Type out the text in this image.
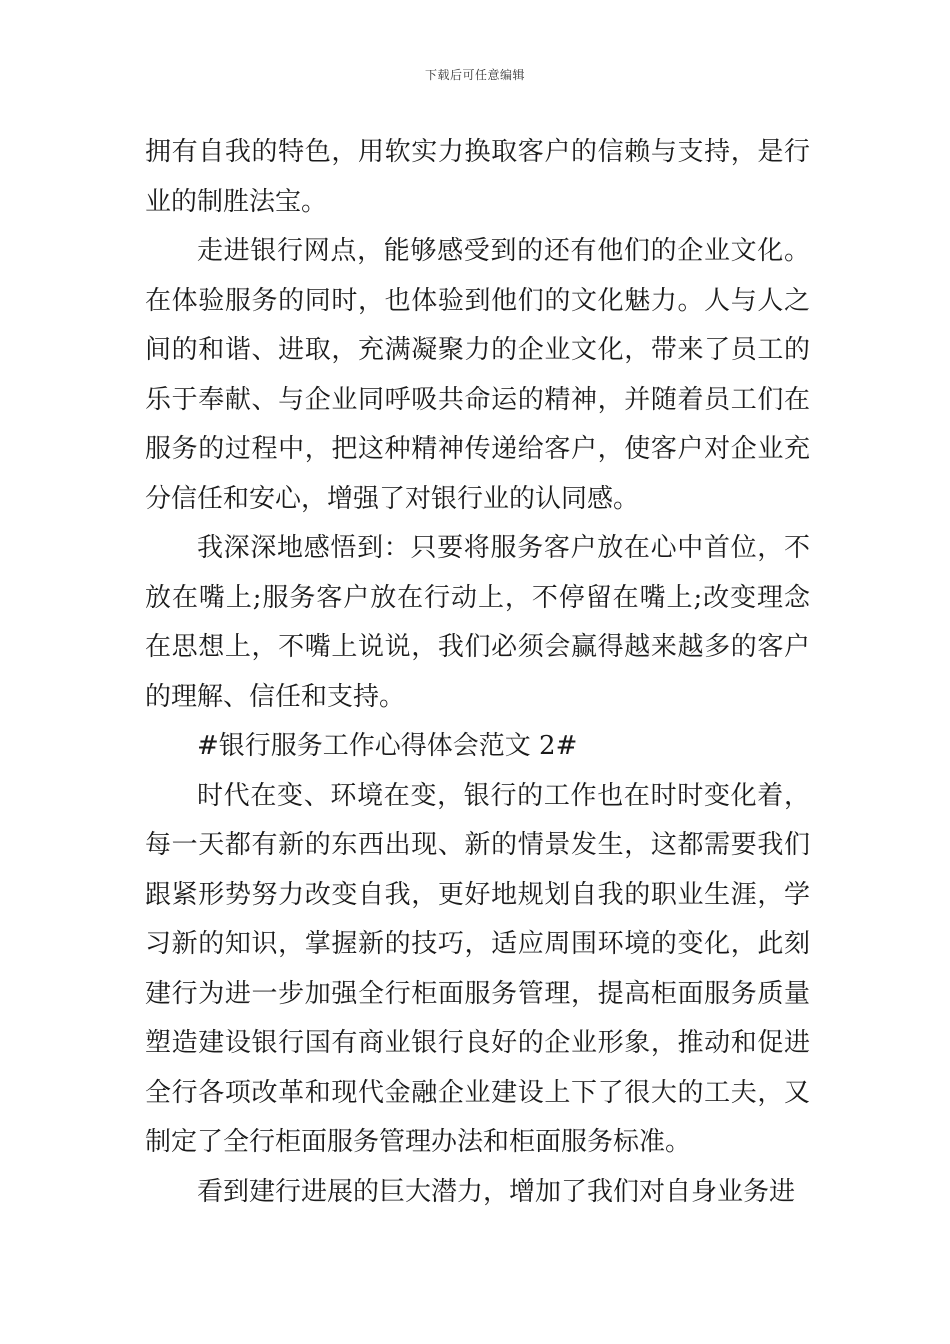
下载后可任意编辑

拥有自我的特色，用软实力换取客户的信赖与支持，是行业的制胜法宝。

走进银行网点，能够感受到的还有他们的企业文化。在体验服务的同时，也体验到他们的文化魅力。人与人之间的和谐、进取，充满凝聚力的企业文化，带来了员工的乐于奉献、与企业同呼吸共命运的精神，并随着员工们在服务的过程中，把这种精神传递给客户，使客户对企业充分信任和安心，增强了对银行业的认同感。

我深深地感悟到：只要将服务客户放在心中首位，不放在嘴上;服务客户放在行动上，不停留在嘴上;改变理念在思想上，不嘴上说说，我们必须会赢得越来越多的客户的理解、信任和支持。

#银行服务工作心得体会范文 2#

时代在变、环境在变，银行的工作也在时时变化着，每一天都有新的东西出现、新的情景发生，这都需要我们跟紧形势努力改变自我，更好地规划自我的职业生涯，学习新的知识，掌握新的技巧，适应周围环境的变化，此刻建行为进一步加强全行柜面服务管理，提高柜面服务质量塑造建设银行国有商业银行良好的企业形象，推动和促进全行各项改革和现代金融企业建设上下了很大的工夫，又制定了全行柜面服务管理办法和柜面服务标准。

看到建行进展的巨大潜力，增加了我们对自身业务进
